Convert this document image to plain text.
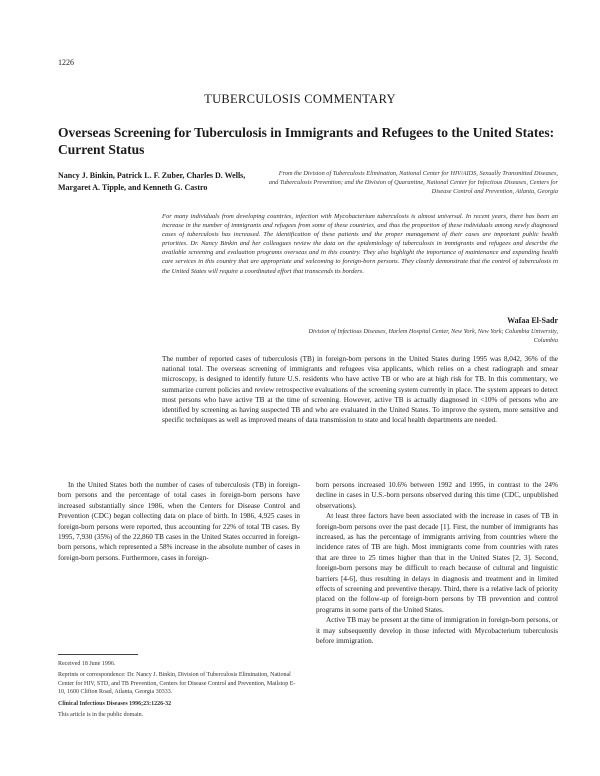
1226
TUBERCULOSIS COMMENTARY
Overseas Screening for Tuberculosis in Immigrants and Refugees to the United States: Current Status
Nancy J. Binkin, Patrick L. F. Zuber, Charles D. Wells, Margaret A. Tipple, and Kenneth G. Castro
From the Division of Tuberculosis Elimination, National Center for HIV/AIDS, Sexually Transmitted Diseases, and Tuberculosis Prevention; and the Division of Quarantine, National Center for Infectious Diseases, Centers for Disease Control and Prevention, Atlanta, Georgia
For many individuals from developing countries, infection with Mycobacterium tuberculosis is almost universal. In recent years, there has been an increase in the number of immigrants and refugees from some of these countries, and thus the proportion of these individuals among newly diagnosed cases of tuberculosis has increased. The identification of these patients and the proper management of their cases are important public health priorities. Dr. Nancy Binkin and her colleagues review the data on the epidemiology of tuberculosis in immigrants and refugees and describe the available screening and evaluation programs overseas and in this country. They also highlight the importance of maintenance and expanding health care services in this country that are appropriate and welcoming to foreign-born persons. They clearly demonstrate that the control of tuberculosis in the United States will require a coordinated effort that transcends its borders.
Wafaa El-Sadr
Division of Infectious Diseases, Harlem Hospital Center, New York, New York; Columbia University, Columbia
The number of reported cases of tuberculosis (TB) in foreign-born persons in the United States during 1995 was 8,042, 36% of the national total. The overseas screening of immigrants and refugees visa applicants, which relies on a chest radiograph and smear microscopy, is designed to identify future U.S. residents who have active TB or who are at high risk for TB. In this commentary, we summarize current policies and review retrospective evaluations of the screening system currently in place. The system appears to detect most persons who have active TB at the time of screening. However, active TB is actually diagnosed in <10% of persons who are identified by screening as having suspected TB and who are evaluated in the United States. To improve the system, more sensitive and specific techniques as well as improved means of data transmission to state and local health departments are needed.

In the United States both the number of cases of tuberculosis (TB) in foreign-born persons and the percentage of total cases in foreign-born persons have increased substantially since 1986, when the Centers for Disease Control and Prevention (CDC) began collecting data on place of birth. In 1986, 4,925 cases in foreign-born persons were reported, thus accounting for 22% of total TB cases. By 1995, 7,930 (35%) of the 22,860 TB cases in the United States occurred in foreign-born persons, which represented a 58% increase in the absolute number of cases in foreign-born persons. Furthermore, cases in foreign-

born persons increased 10.6% between 1992 and 1995, in contrast to the 24% decline in cases in U.S.-born persons observed during this time (CDC, unpublished observations).

At least three factors have been associated with the increase in cases of TB in foreign-born persons over the past decade [1]. First, the number of immigrants has increased, as has the percentage of immigrants arriving from countries where the incidence rates of TB are high. Most immigrants come from countries with rates that are three to 25 times higher than that in the United States [2, 3]. Second, foreign-born persons may be difficult to reach because of cultural and linguistic barriers [4-6], thus resulting in delays in diagnosis and treatment and in limited effects of screening and preventive therapy. Third, there is a relative lack of priority placed on the follow-up of foreign-born persons by TB prevention and control programs in some parts of the United States.

Active TB may be present at the time of immigration in foreign-born persons, or it may subsequently develop in those infected with Mycobacterium tuberculosis before immigration.

Received 18 June 1996.
Reprints or correspondence: Dr. Nancy J. Binkin, Division of Tuberculosis Elimination, National Center for HIV, STD, and TB Prevention, Centers for Disease Control and Prevention, Mailstop E-10, 1600 Clifton Road, Atlanta, Georgia 30333.
Clinical Infectious Diseases 1996;23:1226-32
This article is in the public domain.
